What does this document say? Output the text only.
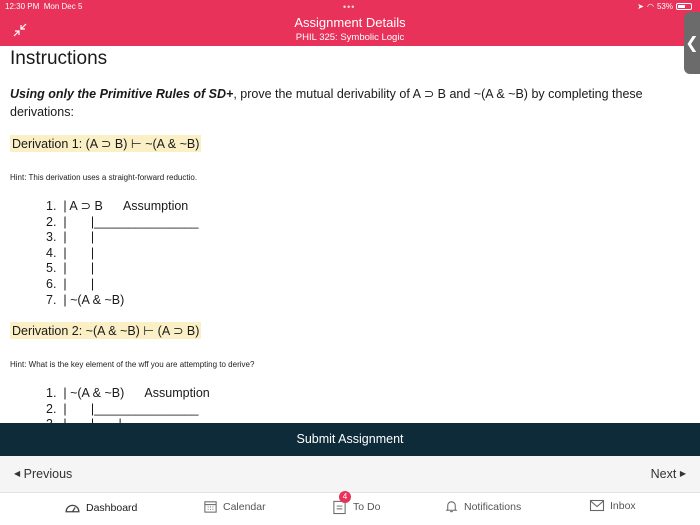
12:30 PM Mon Dec 5	•••	➤ ◠ 53%
Assignment Details
PHIL 325: Symbolic Logic	❮
Instructions
Using only the Primitive Rules of SD+, prove the mutual derivability of A ⊃ B and ~(A & ~B) by completing these derivations:
Derivation 1: (A ⊃ B) ⊢ ~(A & ~B)
Hint: This derivation uses a straight-forward reductio.
1.  | A ⊃ B      Assumption
2.  |       |_______________
3.  |       |
4.  |       |
5.  |       |
6.  |       |
7.  | ~(A & ~B)
Derivation 2: ~(A & ~B) ⊢ (A ⊃ B)
Hint: What is the key element of the wff you are attempting to derive?
1.  | ~(A & ~B)      Assumption
2.  |       |_______________
Submit Assignment
◀ Previous	Next ▶
Dashboard	Calendar
4
To Do	Notifications	Inbox
